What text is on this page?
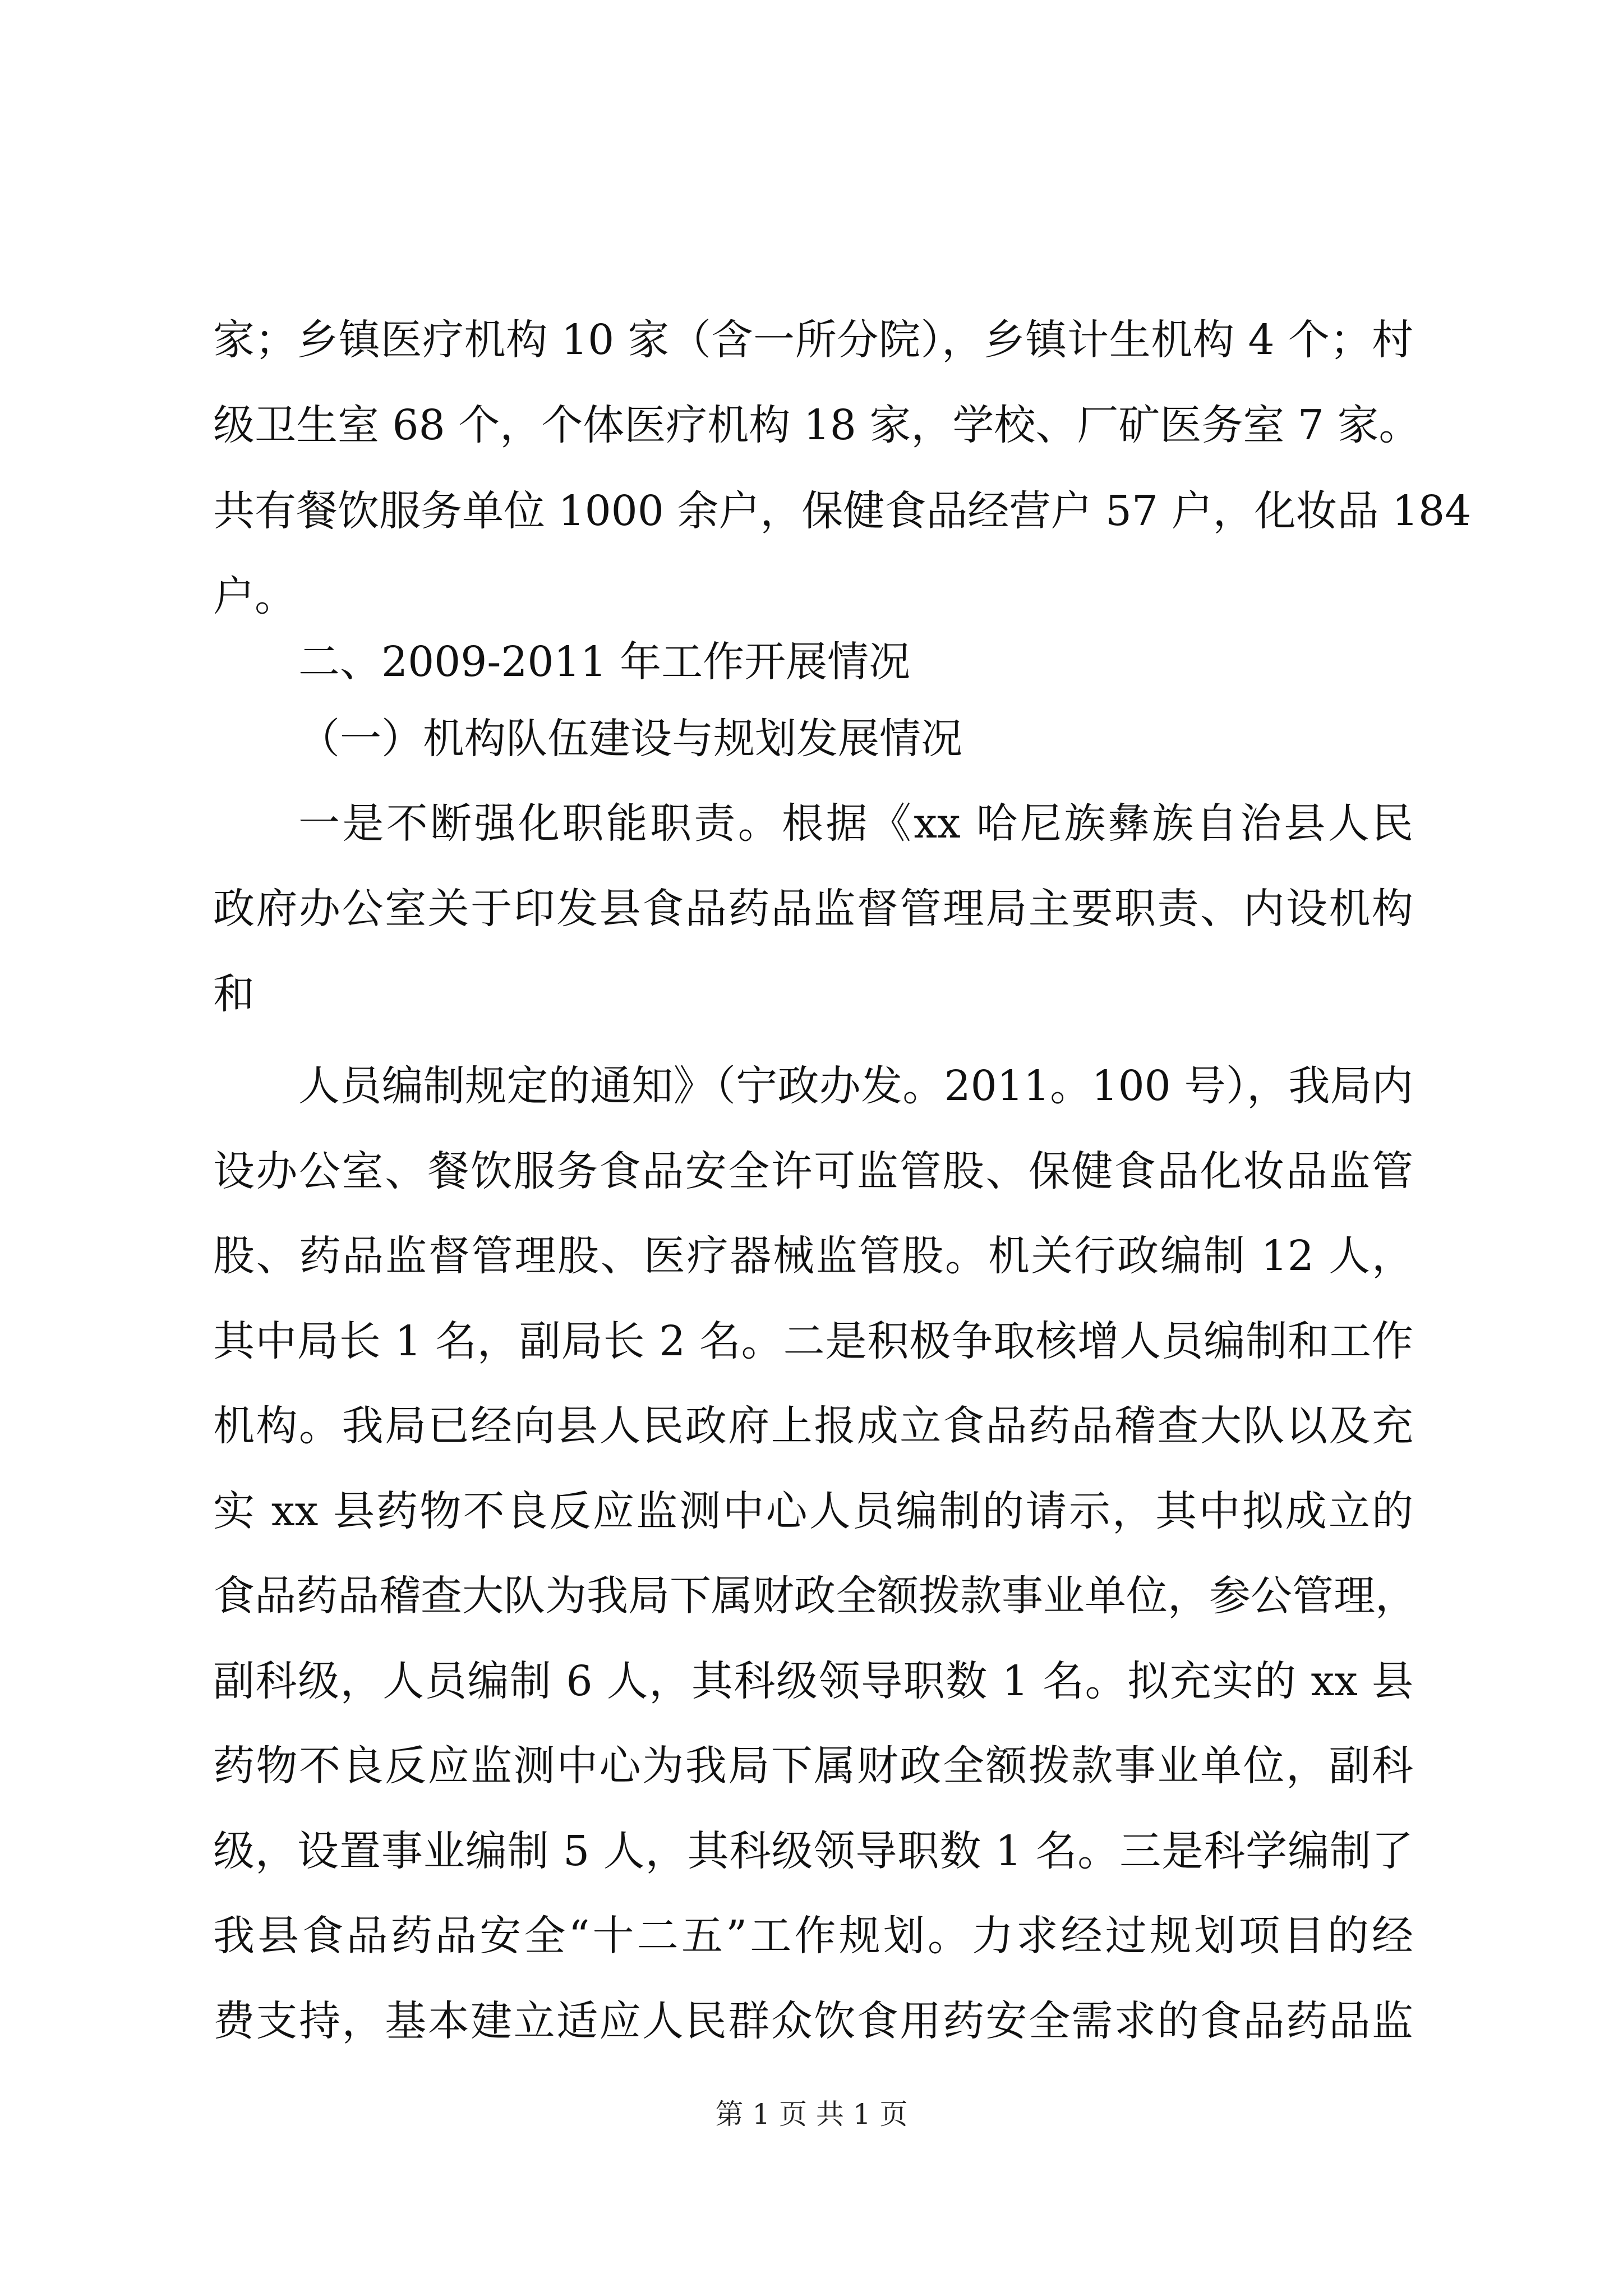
家；乡镇医疗机构 10 家（含一所分院），乡镇计生机构 4 个；村
级卫生室 68 个，个体医疗机构 18 家，学校、厂矿医务室 7 家。
共有餐饮服务单位 1000 余户，保健食品经营户 57 户，化妆品 184
户。
二、2009-2011 年工作开展情况
（一）机构队伍建设与规划发展情况
一是不断强化职能职责。根据《xx 哈尼族彝族自治县人民
政府办公室关于印发县食品药品监督管理局主要职责、内设机构
和
人员编制规定的通知》（宁政办发。2011。100 号），我局内
设办公室、餐饮服务食品安全许可监管股、保健食品化妆品监管
股、药品监督管理股、医疗器械监管股。机关行政编制 12 人，
其中局长 1 名，副局长 2 名。二是积极争取核增人员编制和工作
机构。我局已经向县人民政府上报成立食品药品稽查大队以及充
实 xx 县药物不良反应监测中心人员编制的请示，其中拟成立的
食品药品稽查大队为我局下属财政全额拨款事业单位，参公管理，
副科级，人员编制 6 人，其科级领导职数 1 名。拟充实的 xx 县
药物不良反应监测中心为我局下属财政全额拨款事业单位，副科
级，设置事业编制 5 人，其科级领导职数 1 名。三是科学编制了
我县食品药品安全“十二五”工作规划。力求经过规划项目的经
费支持，基本建立适应人民群众饮食用药安全需求的食品药品监
第 1 页 共 1 页
